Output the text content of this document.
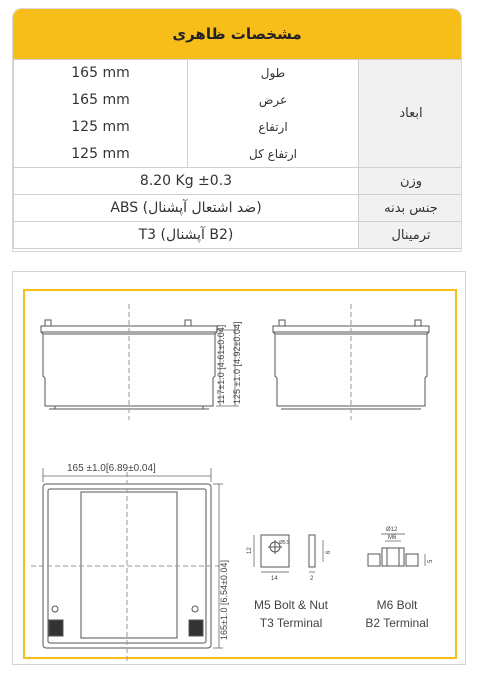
مشخصات ظاهری
165 mm	طول	ابعاد
165 mm	عرض	
125 mm	ارتفاع	
125 mm	ارتفاع کل	
8.20 Kg ±0.3		وزن
ABS (ضد اشتعال آپشنال)		جنس بدنه
T3 (آپشنال B2)		ترمینال
117±1.0 [4.61±0.04] 125 ±1.0 [4.92±0.04]
165 ±1.0[6.89±0.04]
165±1.0 [6.54±0.04]
12	6
14	2
Ø5.5
M5 Bolt & Nut
T3 Terminal
Ø12
M6
5
M6 Bolt
B2 Terminal
